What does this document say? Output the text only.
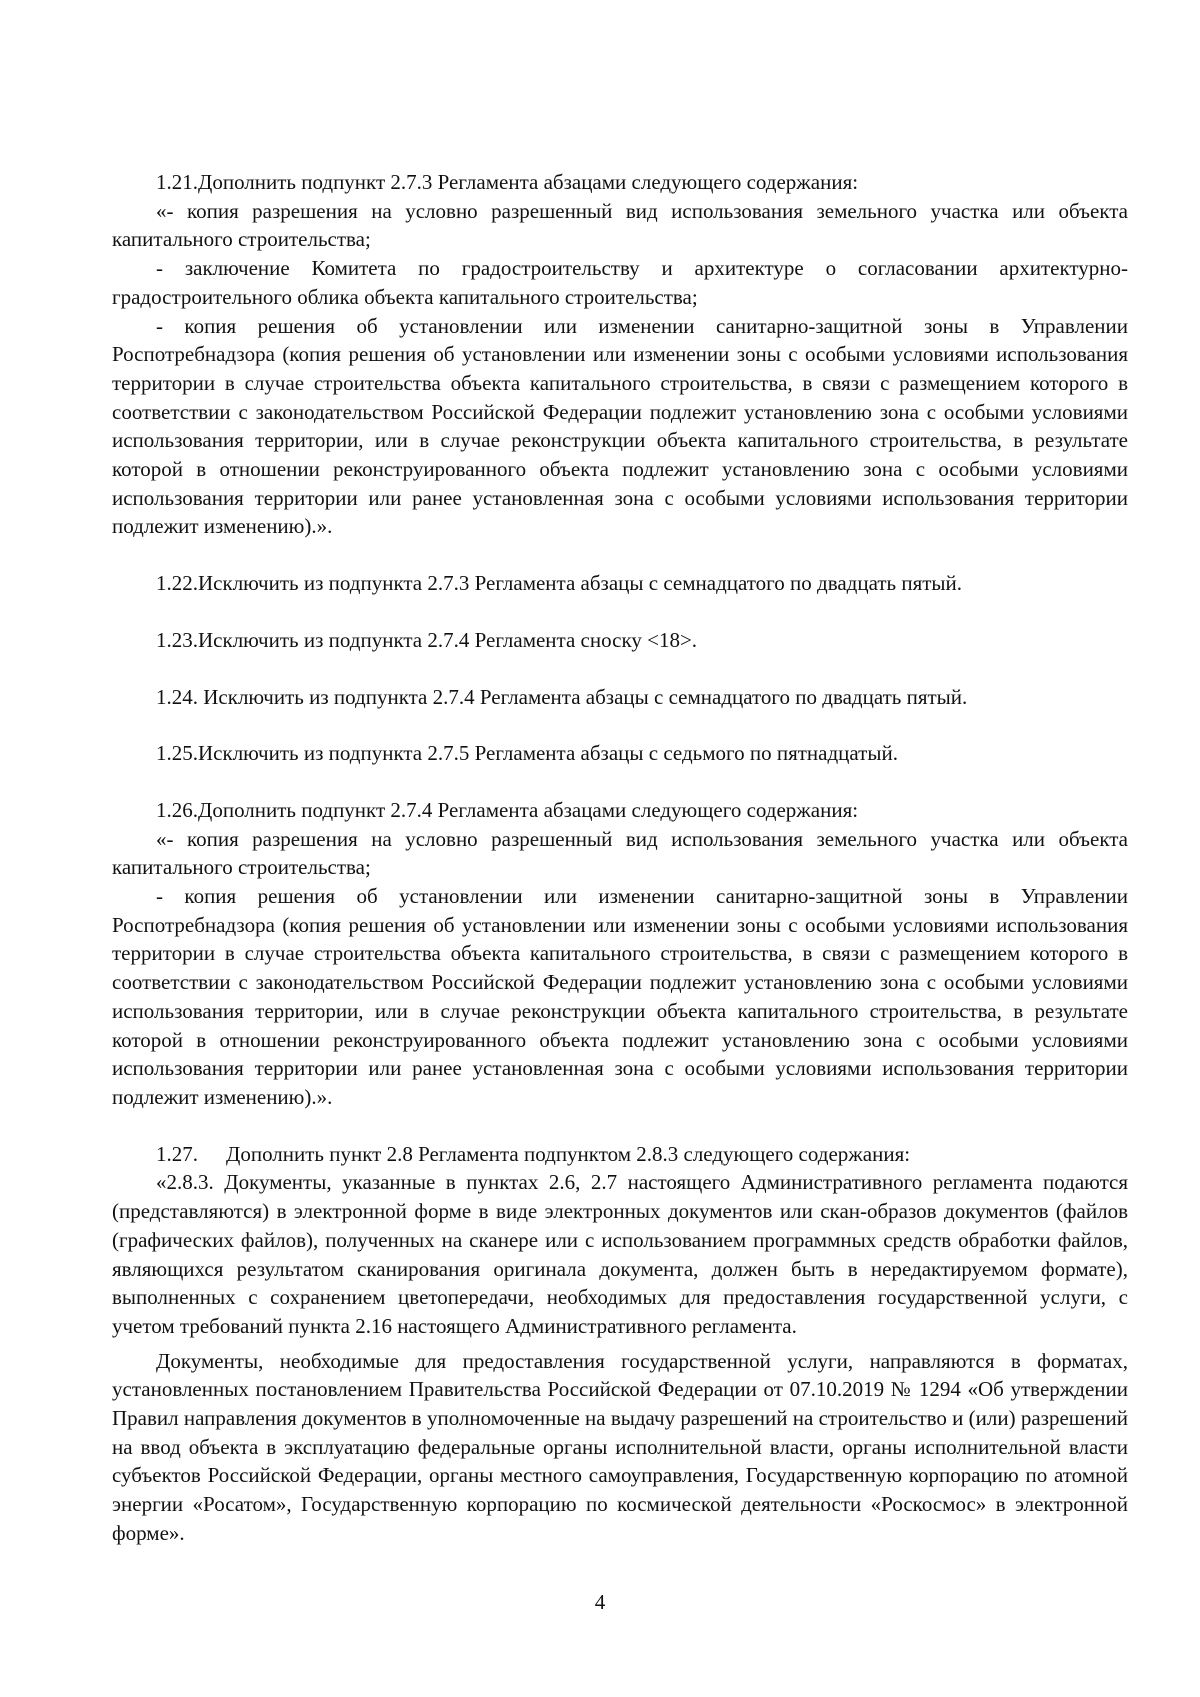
1.21.Дополнить подпункт 2.7.3 Регламента абзацами следующего содержания:

«- копия разрешения на условно разрешенный вид использования земельного участка или объекта капитального строительства;

- заключение Комитета по градостроительству и архитектуре о согласовании архитектурно-градостроительного облика объекта капитального строительства;

- копия решения об установлении или изменении санитарно-защитной зоны в Управлении Роспотребнадзора (копия решения об установлении или изменении зоны с особыми условиями использования территории в случае строительства объекта капитального строительства, в связи с размещением которого в соответствии с законодательством Российской Федерации подлежит установлению зона с особыми условиями использования территории, или в случае реконструкции объекта капитального строительства, в результате которой в отношении реконструированного объекта подлежит установлению зона с особыми условиями использования территории или ранее установленная зона с особыми условиями использования территории подлежит изменению).».

1.22.Исключить из подпункта 2.7.3 Регламента абзацы с семнадцатого по двадцать пятый.

1.23.Исключить из подпункта 2.7.4 Регламента сноску <18>.

1.24. Исключить из подпункта 2.7.4 Регламента абзацы с семнадцатого по двадцать пятый.

1.25.Исключить из подпункта 2.7.5 Регламента абзацы с седьмого по пятнадцатый.

1.26.Дополнить подпункт 2.7.4 Регламента абзацами следующего содержания:

«- копия разрешения на условно разрешенный вид использования земельного участка или объекта капитального строительства;

- копия решения об установлении или изменении санитарно-защитной зоны в Управлении Роспотребнадзора (копия решения об установлении или изменении зоны с особыми условиями использования территории в случае строительства объекта капитального строительства, в связи с размещением которого в соответствии с законодательством Российской Федерации подлежит установлению зона с особыми условиями использования территории, или в случае реконструкции объекта капитального строительства, в результате которой в отношении реконструированного объекта подлежит установлению зона с особыми условиями использования территории или ранее установленная зона с особыми условиями использования территории подлежит изменению).».

1.27. Дополнить пункт 2.8 Регламента подпунктом 2.8.3 следующего содержания:

«2.8.3. Документы, указанные в пунктах 2.6, 2.7 настоящего Административного регламента подаются (представляются) в электронной форме в виде электронных документов или скан-образов документов (файлов (графических файлов), полученных на сканере или с использованием программных средств обработки файлов, являющихся результатом сканирования оригинала документа, должен быть в нередактируемом формате), выполненных с сохранением цветопередачи, необходимых для предоставления государственной услуги, с учетом требований пункта 2.16 настоящего Административного регламента.

Документы, необходимые для предоставления государственной услуги, направляются в форматах, установленных постановлением Правительства Российской Федерации от 07.10.2019 № 1294 «Об утверждении Правил направления документов в уполномоченные на выдачу разрешений на строительство и (или) разрешений на ввод объекта в эксплуатацию федеральные органы исполнительной власти, органы исполнительной власти субъектов Российской Федерации, органы местного самоуправления, Государственную корпорацию по атомной энергии «Росатом», Государственную корпорацию по космической деятельности «Роскосмос» в электронной форме».

4
